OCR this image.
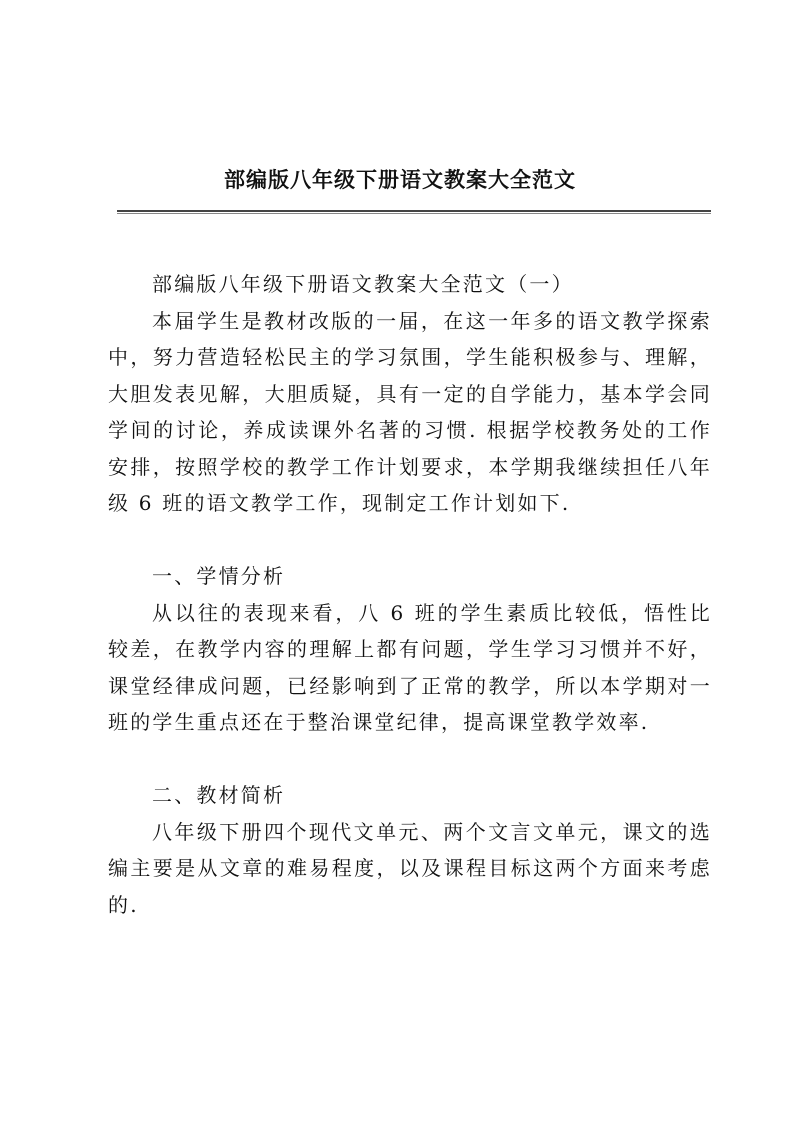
部编版八年级下册语文教案大全范文

部编版八年级下册语文教案大全范文（一）

本届学生是教材改版的一届，在这一年多的语文教学探索中，努力营造轻松民主的学习氛围，学生能积极参与、理解，大胆发表见解，大胆质疑，具有一定的自学能力，基本学会同学间的讨论，养成读课外名著的习惯. 根据学校教务处的工作安排，按照学校的教学工作计划要求，本学期我继续担任八年级 6 班的语文教学工作，现制定工作计划如下.

一、学情分析

从以往的表现来看，八 6 班的学生素质比较低，悟性比较差，在教学内容的理解上都有问题，学生学习习惯并不好，课堂经律成问题，已经影响到了正常的教学，所以本学期对一班的学生重点还在于整治课堂纪律，提高课堂教学效率.

二、教材简析

八年级下册四个现代文单元、两个文言文单元，课文的选编主要是从文章的难易程度，以及课程目标这两个方面来考虑的.
